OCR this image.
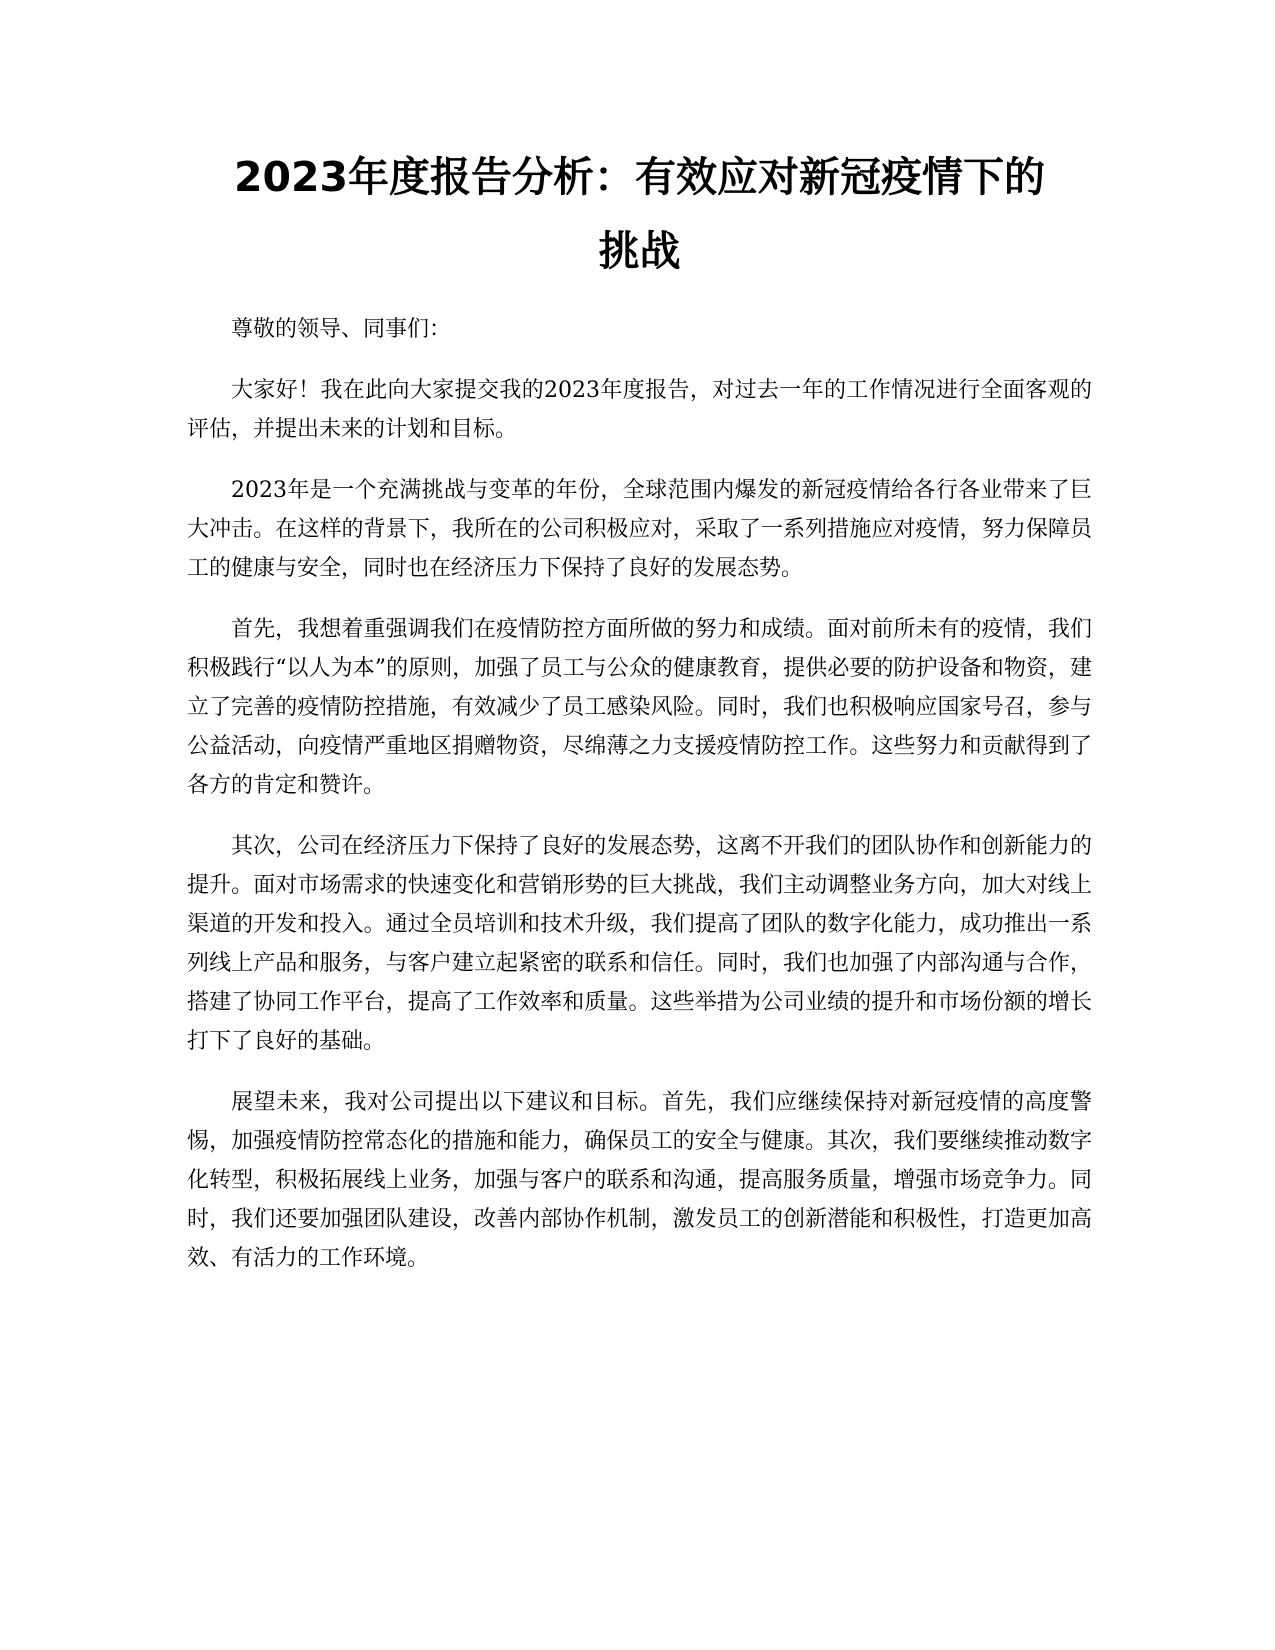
2023年度报告分析：有效应对新冠疫情下的
挑战

尊敬的领导、同事们：

大家好！我在此向大家提交我的2023年度报告，对过去一年的工作情况进行全面客观的评估，并提出未来的计划和目标。

2023年是一个充满挑战与变革的年份，全球范围内爆发的新冠疫情给各行各业带来了巨大冲击。在这样的背景下，我所在的公司积极应对，采取了一系列措施应对疫情，努力保障员工的健康与安全，同时也在经济压力下保持了良好的发展态势。

首先，我想着重强调我们在疫情防控方面所做的努力和成绩。面对前所未有的疫情，我们积极践行“以人为本”的原则，加强了员工与公众的健康教育，提供必要的防护设备和物资，建立了完善的疫情防控措施，有效减少了员工感染风险。同时，我们也积极响应国家号召，参与公益活动，向疫情严重地区捐赠物资，尽绵薄之力支援疫情防控工作。这些努力和贡献得到了各方的肯定和赞许。

其次，公司在经济压力下保持了良好的发展态势，这离不开我们的团队协作和创新能力的提升。面对市场需求的快速变化和营销形势的巨大挑战，我们主动调整业务方向，加大对线上渠道的开发和投入。通过全员培训和技术升级，我们提高了团队的数字化能力，成功推出一系列线上产品和服务，与客户建立起紧密的联系和信任。同时，我们也加强了内部沟通与合作，搭建了协同工作平台，提高了工作效率和质量。这些举措为公司业绩的提升和市场份额的增长打下了良好的基础。

展望未来，我对公司提出以下建议和目标。首先，我们应继续保持对新冠疫情的高度警惕，加强疫情防控常态化的措施和能力，确保员工的安全与健康。其次，我们要继续推动数字化转型，积极拓展线上业务，加强与客户的联系和沟通，提高服务质量，增强市场竞争力。同时，我们还要加强团队建设，改善内部协作机制，激发员工的创新潜能和积极性，打造更加高效、有活力的工作环境。
